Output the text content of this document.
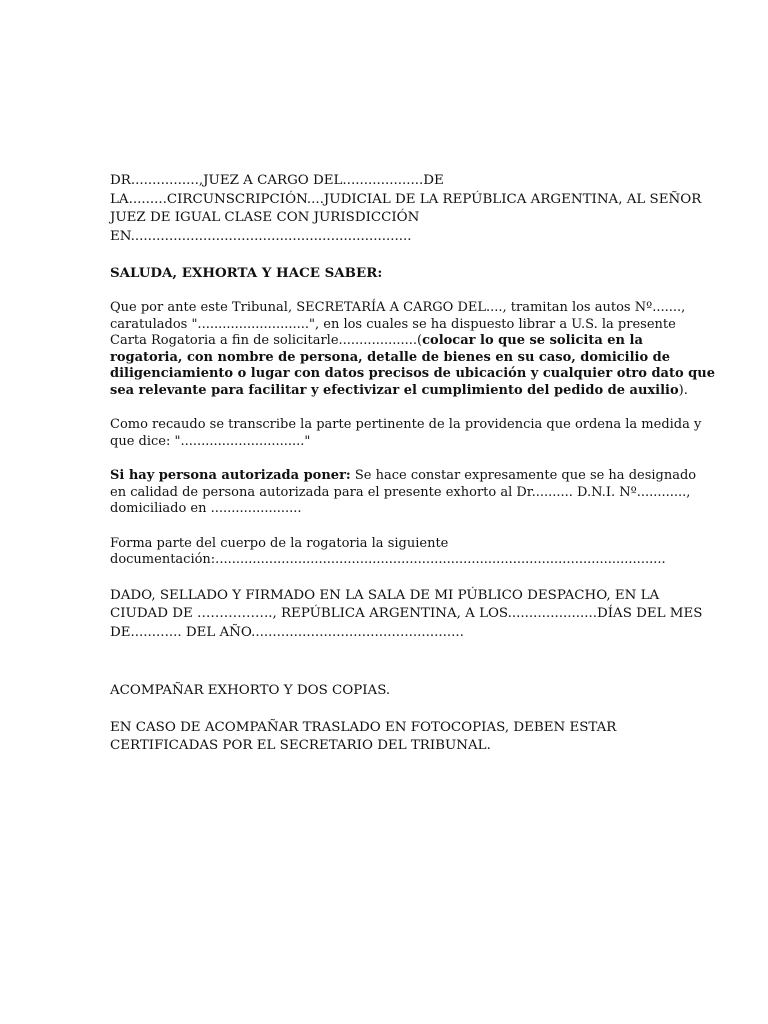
DR................,JUEZ A CARGO DEL...................DE LA.........CIRCUNSCRIPCIÓN....JUDICIAL DE LA REPÚBLICA ARGENTINA, AL SEÑOR JUEZ DE IGUAL CLASE CON JURISDICCIÓN EN..................................................................

SALUDA, EXHORTA Y HACE SABER:

Que por ante este Tribunal, SECRETARÍA A CARGO DEL...., tramitan los autos Nº......., caratulados "...........................", en los cuales se ha dispuesto librar a U.S. la presente Carta Rogatoria a fin de solicitarle...................(colocar lo que se solicita en la rogatoria, con nombre de persona, detalle de bienes en su caso, domicilio de diligenciamiento o lugar con datos precisos de ubicación y cualquier otro dato que sea relevante para facilitar y efectivizar el cumplimiento del pedido de auxilio).

Como recaudo se transcribe la parte pertinente de la providencia que ordena la medida y que dice: ".............................."

Si hay persona autorizada poner: Se hace constar expresamente que se ha designado en calidad de persona autorizada para el presente exhorto al Dr.......... D.N.I. Nº............, domiciliado en ......................

Forma parte del cuerpo de la rogatoria la siguiente documentación:.............................................................................................................

DADO, SELLADO Y FIRMADO EN LA SALA DE MI PÚBLICO DESPACHO, EN LA CIUDAD DE …………….., REPÚBLICA ARGENTINA, A LOS.....................DÍAS DEL MES DE............ DEL AÑO..................................................

ACOMPAÑAR EXHORTO Y DOS COPIAS.

EN CASO DE ACOMPAÑAR TRASLADO EN FOTOCOPIAS, DEBEN ESTAR CERTIFICADAS POR EL SECRETARIO DEL TRIBUNAL.
